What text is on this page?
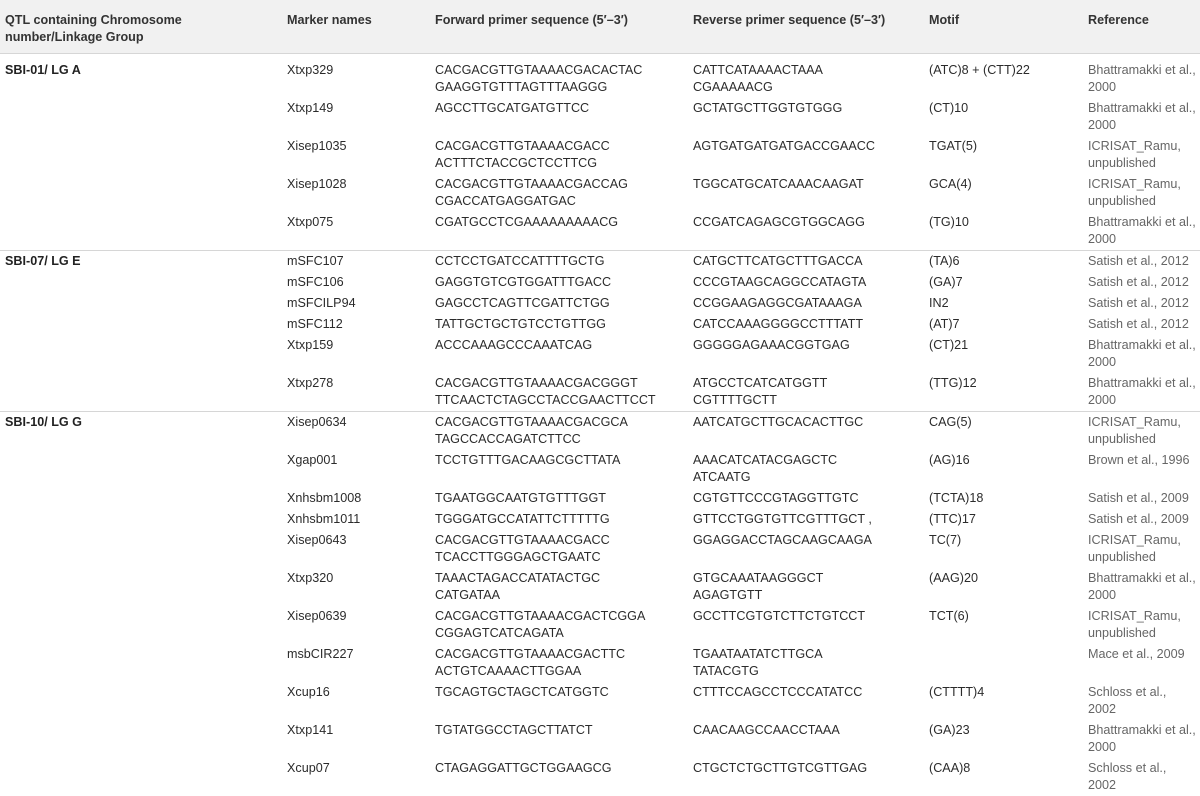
QTL containing Chromosome number/Linkage Group	Marker names	Forward primer sequence (5′–3′)	Reverse primer sequence (5′–3′)	Motif	Reference
SBI-01/ LG A	Xtxp329	CACGACGTTGTAAAACGACACTAC
GAAGGTGTTTAGTTTAAGGG	CATTCATAAAACTAAA
CGAAAAACG	(ATC)8 + (CTT)22	Bhattramakki et al.,
2000
	Xtxp149	AGCCTTGCATGATGTTCC	GCTATGCTTGGTGTGGG	(CT)10	Bhattramakki et al.,
2000
	Xisep1035	CACGACGTTGTAAAACGACC
ACTTTCTACCGCTCCTTCG	AGTGATGATGATGACCGAACC	TGAT(5)	ICRISAT_Ramu,
unpublished
	Xisep1028	CACGACGTTGTAAAACGACCAG
CGACCATGAGGATGAC	TGGCATGCATCAAACAAGAT	GCA(4)	ICRISAT_Ramu,
unpublished
	Xtxp075	CGATGCCTCGAAAAAAAAACG	CCGATCAGAGCGTGGCAGG	(TG)10	Bhattramakki et al.,
2000
SBI-07/ LG E	mSFC107	CCTCCTGATCCATTTTGCTG	CATGCTTCATGCTTTGACCA	(TA)6	Satish et al., 2012
	mSFC106	GAGGTGTCGTGGATTTGACC	CCCGTAAGCAGGCCATAGTA	(GA)7	Satish et al., 2012
	mSFCILP94	GAGCCTCAGTTCGATTCTGG	CCGGAAGAGGCGATAAAGA	IN2	Satish et al., 2012
	mSFC112	TATTGCTGCTGTCCTGTTGG	CATCCAAAGGGGCCTTTATT	(AT)7	Satish et al., 2012
	Xtxp159	ACCCAAAGCCCAAATCAG	GGGGGAGAAACGGTGAG	(CT)21	Bhattramakki et al.,
2000
	Xtxp278	CACGACGTTGTAAAACGACGGGT
TTCAACTCTAGCCTACCGAACTTCCT	ATGCCTCATCATGGTT
CGTTTTGCTT	(TTG)12	Bhattramakki et al.,
2000
SBI-10/ LG G	Xisep0634	CACGACGTTGTAAAACGACGCA
TAGCCACCAGATCTTCC	AATCATGCTTGCACACTTGC	CAG(5)	ICRISAT_Ramu,
unpublished
	Xgap001	TCCTGTTTGACAAGCGCTTATA	AAACATCATACGAGCTC
ATCAATG	(AG)16	Brown et al., 1996
	Xnhsbm1008	TGAATGGCAATGTGTTTGGT	CGTGTTCCCGTAGGTTGTC	(TCTA)18	Satish et al., 2009
	Xnhsbm1011	TGGGATGCCATATTCTTTTTG	GTTCCTGGTGTTCGTTTGCT ,	(TTC)17	Satish et al., 2009
	Xisep0643	CACGACGTTGTAAAACGACC
TCACCTTGGGAGCTGAATC	GGAGGACCTAGCAAGCAAGA	TC(7)	ICRISAT_Ramu,
unpublished
	Xtxp320	TAAACTAGACCATATACTGC
CATGATAA	GTGCAAATAAGGGCT
AGAGTGTT	(AAG)20	Bhattramakki et al.,
2000
	Xisep0639	CACGACGTTGTAAAACGACTCGGA
CGGAGTCATCAGATA	GCCTTCGTGTCTTCTGTCCT	TCT(6)	ICRISAT_Ramu,
unpublished
	msbCIR227	CACGACGTTGTAAAACGACTTC
ACTGTCAAAACTTGGAA	TGAATAATATCTTGCA
TATACGTG		Mace et al., 2009
	Xcup16	TGCAGTGCTAGCTCATGGTC	CTTTCCAGCCTCCCATATCC	(CTTTT)4	Schloss et al., 2002
	Xtxp141	TGTATGGCCTAGCTTATCT	CAACAAGCCAACCTAAA	(GA)23	Bhattramakki et al.,
2000
	Xcup07	CTAGAGGATTGCTGGAAGCG	CTGCTCTGCTTGTCGTTGAG	(CAA)8	Schloss et al., 2002
